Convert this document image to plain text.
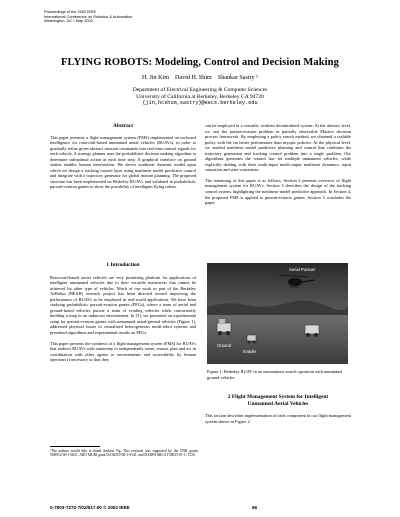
Proceedings of the 2002 IEEE
International Conference on Robotics & Automation
Washington, DC • May 2002
FLYING ROBOTS: Modeling, Control and Decision Making
H. Jin Kim    David H. Shim    Shankar Sastry ¹
Department of Electrical Engineering & Computer Sciences
University of California at Berkeley, Berkeley CA 94720
{jin,hcshim,sastry}@eecs.berkeley.edu
Abstract

This paper presents a flight management system (FMS) implemented on on-board intelligence for rotorcraft-based unmanned aerial vehicles (RUAVs), in order to gradually refine given abstract mission commands into real-time control signals for each vehicle. A strategy planner uses the probabilistic decision making algorithm to determine suboptimal action at each time step. A graphical interface on ground station enables human intervention. We derive nonlinear dynamic model upon which we design a tracking control layer using nonlinear model predictive control and integrate with a trajectory generator for global motion planning. The proposed structure has been implemented on Berkeley RUAVs and validated in probabilistic pursuit-evasion games to show the possibility of intelligent flying robots.

1 Introduction

Rotorcraft-based aerial vehicles are very promising platform for applications of intelligent unmanned vehicles due to their versatile maneuvers that cannot be achieved by other type of vehicles. Much of our work as part of the Berkeley AeRobot (BEAR) research project has been directed toward improving the performance of RUAVs to be employed in real-world applications. We have been studying probabilistic pursuit-evasion games (PEGs), where a team of aerial and ground-based vehicles pursue a team of evading vehicles while concurrently building a map in an unknown environment. In [3], we presented an experimental setup for pursuit-evasion games with unmanned aerial/ground vehicles (Figure 1), addressed physical issues in centralized heterogeneous multi-robot systems and presented algorithms and experimental results on PEGs.

This paper presents the synthesis of a flight management system (FMS) for RUAVs that endows RUAVs with autonomy to independently sense, reason, plan and act in coordination with other agents or environments and accessibility by human operators if necessary so that they

¹The authors would like to thank Andrew Ng. This research was supported by the ONR grants N00014-00-1-0621, ARO MURI grant DAAD19-00-1-0341, and DARPA MICA F30615-01-C-3150.

can be employed in a versatile, resilient decentralized system. At the abstract level, we cast the pursuit-evasion problem in partially observable Markov decision process framework. By employing a policy search method, we obtained a scalable policy with the far better performance than myopic policies. At the physical level, we studied nonlinear model predictive planning and control that combines the trajectory generation and tracking control problem into a single problem. Our algorithms generates the control law for multiple unmanned vehicles, while explicitly dealing with their multi-input multi-output nonlinear dynamics, input saturation and state constraints.

The remaining of this paper is as follows: Section 2 presents overview of flight management system for RUAVs. Section 3 describes the design of the tracking control system, highlighting the nonlinear model predictive approach. In Section 4, the proposed FMS is applied to pursuit-evasion games. Section 5 concludes the paper.

Aerial Pursuer
Ground
Evader
Figure 1: Berkeley RUAV in an autonomous search operation with unmanned ground vehicles
2 Flight Management System for Intelligent
Unmanned Aerial Vehicles

This section describes implementation of each component in our flight management system shown in Figure 2.

0-7803-7272-7/02/$17.00 © 2002 IEEE	66
